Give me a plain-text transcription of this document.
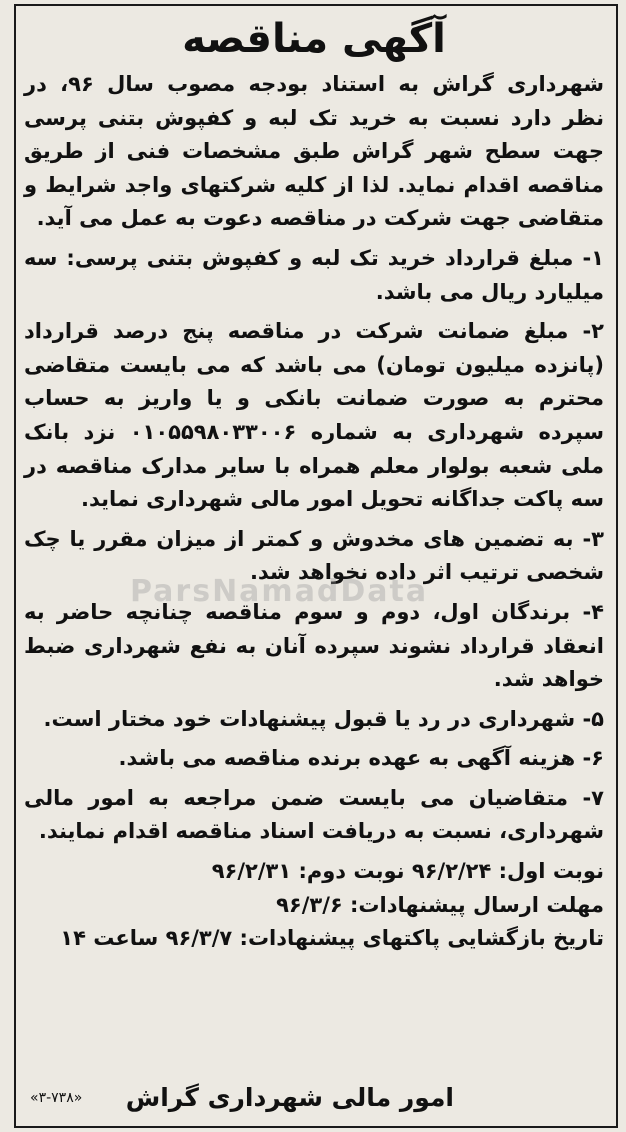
آگهی مناقصه

شهرداری گراش به استناد بودجه مصوب سال ۹۶، در نظر دارد نسبت به خرید تک لبه و کفپوش بتنی پرسی جهت سطح شهر گراش طبق مشخصات فنی از طریق مناقصه اقدام نماید. لذا از کلیه شرکتهای واجد شرایط و متقاضی جهت شرکت در مناقصه دعوت به عمل می آید.

۱- مبلغ قرارداد خرید تک لبه و کفپوش بتنی پرسی: سه میلیارد ریال می باشد.

۲- مبلغ ضمانت شرکت در مناقصه پنج درصد قرارداد (پانزده میلیون تومان) می باشد که می بایست متقاضی محترم به صورت ضمانت بانکی و یا واریز به حساب سپرده شهرداری به شماره ۰۱۰۵۵۹۸۰۳۳۰۰۶ نزد بانک ملی شعبه بولوار معلم همراه با سایر مدارک مناقصه در سه پاکت جداگانه تحویل امور مالی شهرداری نماید.

۳- به تضمین های مخدوش و کمتر از میزان مقرر یا چک شخصی ترتیب اثر داده نخواهد شد.

۴- برندگان اول، دوم و سوم مناقصه چنانچه حاضر به انعقاد قرارداد نشوند سپرده آنان به نفع شهرداری ضبط خواهد شد.

۵- شهرداری در رد یا قبول پیشنهادات خود مختار است.

۶- هزینه آگهی به عهده برنده مناقصه می باشد.

۷- متقاضیان می بایست ضمن مراجعه به امور مالی شهرداری، نسبت به دریافت اسناد مناقصه اقدام نمایند.

نوبت اول: ۹۶/۲/۲۴ نوبت دوم: ۹۶/۲/۳۱

مهلت ارسال پیشنهادات: ۹۶/۳/۶

تاریخ بازگشایی پاکتهای پیشنهادات: ۹۶/۳/۷ ساعت ۱۴

امور مالی شهرداری گراش
«۳-۷۳۸»
ParsNamadData
